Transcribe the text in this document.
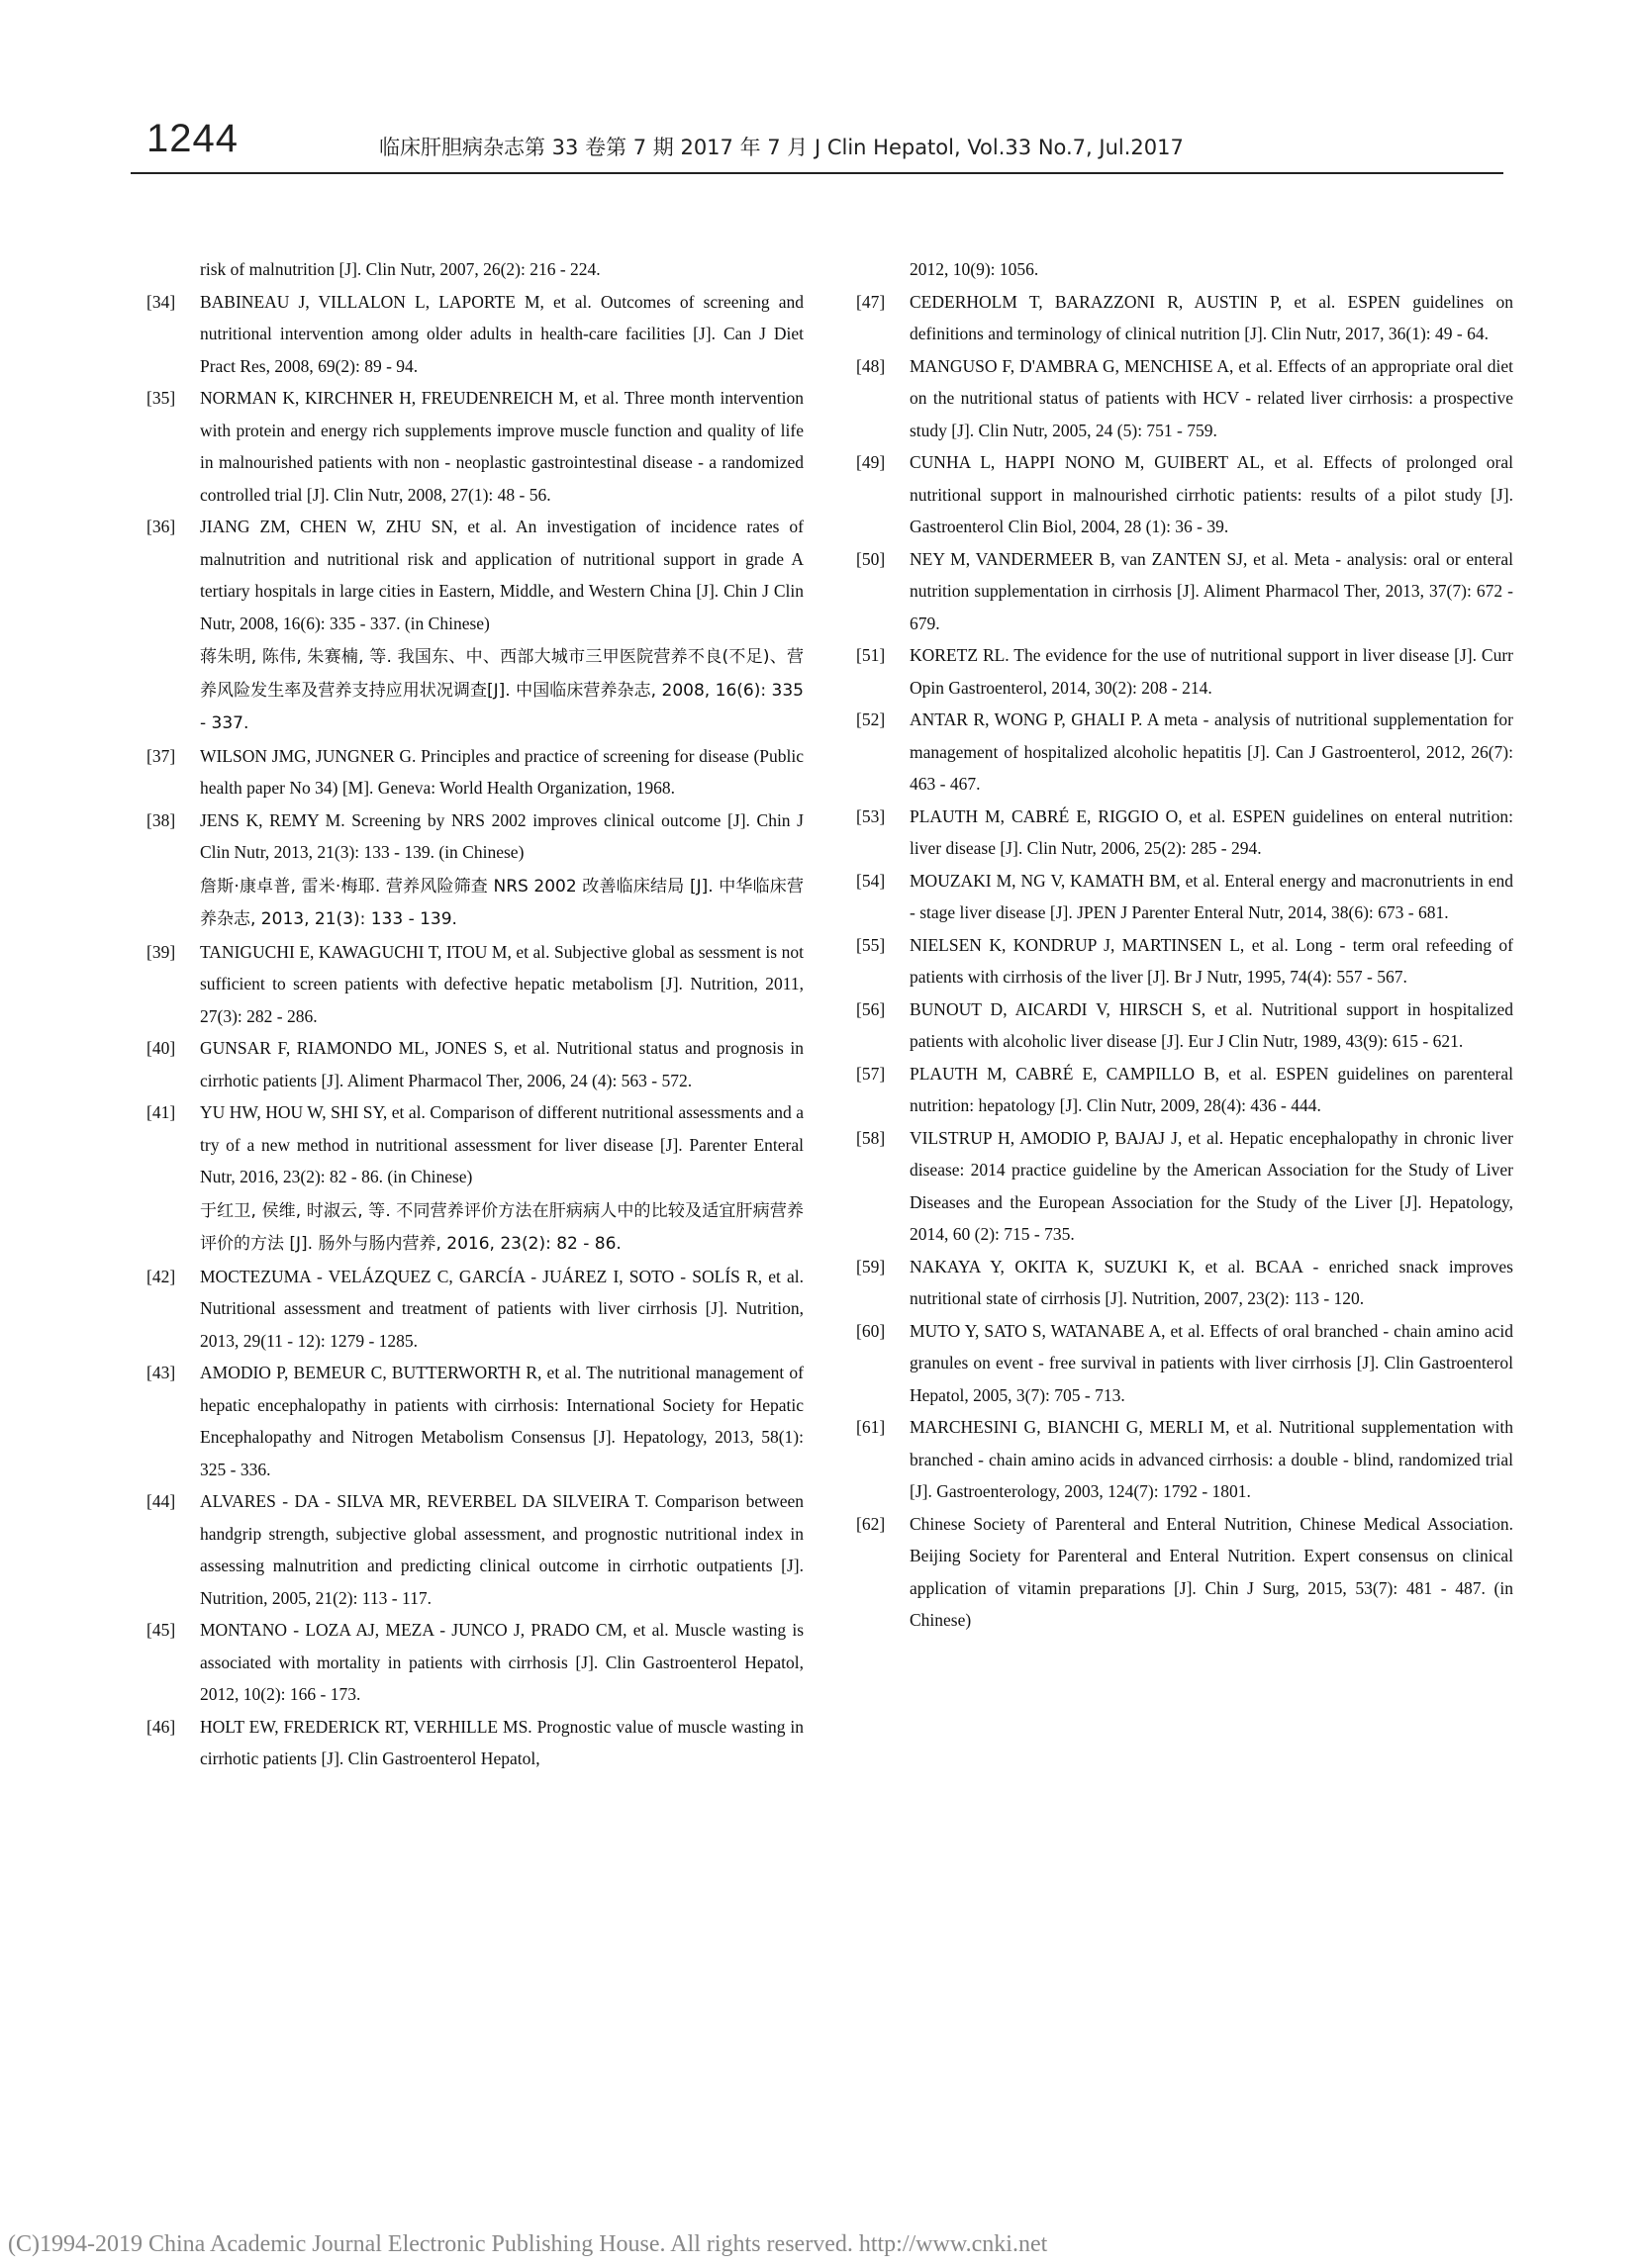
1244	临床肝胆病杂志第 33 卷第 7 期 2017 年 7 月 J Clin Hepatol, Vol.33 No.7, Jul.2017
risk of malnutrition [J]. Clin Nutr, 2007, 26(2): 216 - 224.
[34]	BABINEAU J, VILLALON L, LAPORTE M, et al. Outcomes of screening and nutritional intervention among older adults in health-care facilities [J]. Can J Diet Pract Res, 2008, 69(2): 89 - 94.
[35]	NORMAN K, KIRCHNER H, FREUDENREICH M, et al. Three month intervention with protein and energy rich supplements improve muscle function and quality of life in malnourished patients with non - neoplastic gastrointestinal disease - a randomized controlled trial [J]. Clin Nutr, 2008, 27(1): 48 - 56.
[36]	JIANG ZM, CHEN W, ZHU SN, et al. An investigation of incidence rates of malnutrition and nutritional risk and application of nutritional support in grade A tertiary hospitals in large cities in Eastern, Middle, and Western China [J]. Chin J Clin Nutr, 2008, 16(6): 335 - 337. (in Chinese)蒋朱明, 陈伟, 朱赛楠, 等. 我国东、中、西部大城市三甲医院营养不良(不足)、营养风险发生率及营养支持应用状况调查[J]. 中国临床营养杂志, 2008, 16(6): 335 - 337.
[37]	WILSON JMG, JUNGNER G. Principles and practice of screening for disease (Public health paper No 34) [M]. Geneva: World Health Organization, 1968.
[38]	JENS K, REMY M. Screening by NRS 2002 improves clinical outcome [J]. Chin J Clin Nutr, 2013, 21(3): 133 - 139. (in Chinese)詹斯·康卓普, 雷米·梅耶. 营养风险筛查 NRS 2002 改善临床结局 [J]. 中华临床营养杂志, 2013, 21(3): 133 - 139.
[39]	TANIGUCHI E, KAWAGUCHI T, ITOU M, et al. Subjective global as sessment is not sufficient to screen patients with defective hepatic metabolism [J]. Nutrition, 2011, 27(3): 282 - 286.
[40]	GUNSAR F, RIAMONDO ML, JONES S, et al. Nutritional status and prognosis in cirrhotic patients [J]. Aliment Pharmacol Ther, 2006, 24 (4): 563 - 572.
[41]	YU HW, HOU W, SHI SY, et al. Comparison of different nutritional assessments and a try of a new method in nutritional assessment for liver disease [J]. Parenter Enteral Nutr, 2016, 23(2): 82 - 86. (in Chinese)于红卫, 侯维, 时淑云, 等. 不同营养评价方法在肝病病人中的比较及适宜肝病营养评价的方法 [J]. 肠外与肠内营养, 2016, 23(2): 82 - 86.
[42]	MOCTEZUMA - VELÁZQUEZ C, GARCÍA - JUÁREZ I, SOTO - SOLÍS R, et al. Nutritional assessment and treatment of patients with liver cirrhosis [J]. Nutrition, 2013, 29(11 - 12): 1279 - 1285.
[43]	AMODIO P, BEMEUR C, BUTTERWORTH R, et al. The nutritional management of hepatic encephalopathy in patients with cirrhosis: International Society for Hepatic Encephalopathy and Nitrogen Metabolism Consensus [J]. Hepatology, 2013, 58(1): 325 - 336.
[44]	ALVARES - DA - SILVA MR, REVERBEL DA SILVEIRA T. Comparison between handgrip strength, subjective global assessment, and prognostic nutritional index in assessing malnutrition and predicting clinical outcome in cirrhotic outpatients [J]. Nutrition, 2005, 21(2): 113 - 117.
[45]	MONTANO - LOZA AJ, MEZA - JUNCO J, PRADO CM, et al. Muscle wasting is associated with mortality in patients with cirrhosis [J]. Clin Gastroenterol Hepatol, 2012, 10(2): 166 - 173.
[46]	HOLT EW, FREDERICK RT, VERHILLE MS. Prognostic value of muscle wasting in cirrhotic patients [J]. Clin Gastroenterol Hepatol,
2012, 10(9): 1056.
[47]	CEDERHOLM T, BARAZZONI R, AUSTIN P, et al. ESPEN guidelines on definitions and terminology of clinical nutrition [J]. Clin Nutr, 2017, 36(1): 49 - 64.
[48]	MANGUSO F, D'AMBRA G, MENCHISE A, et al. Effects of an appropriate oral diet on the nutritional status of patients with HCV - related liver cirrhosis: a prospective study [J]. Clin Nutr, 2005, 24 (5): 751 - 759.
[49]	CUNHA L, HAPPI NONO M, GUIBERT AL, et al. Effects of prolonged oral nutritional support in malnourished cirrhotic patients: results of a pilot study [J]. Gastroenterol Clin Biol, 2004, 28 (1): 36 - 39.
[50]	NEY M, VANDERMEER B, van ZANTEN SJ, et al. Meta - analysis: oral or enteral nutrition supplementation in cirrhosis [J]. Aliment Pharmacol Ther, 2013, 37(7): 672 - 679.
[51]	KORETZ RL. The evidence for the use of nutritional support in liver disease [J]. Curr Opin Gastroenterol, 2014, 30(2): 208 - 214.
[52]	ANTAR R, WONG P, GHALI P. A meta - analysis of nutritional supplementation for management of hospitalized alcoholic hepatitis [J]. Can J Gastroenterol, 2012, 26(7): 463 - 467.
[53]	PLAUTH M, CABRÉ E, RIGGIO O, et al. ESPEN guidelines on enteral nutrition: liver disease [J]. Clin Nutr, 2006, 25(2): 285 - 294.
[54]	MOUZAKI M, NG V, KAMATH BM, et al. Enteral energy and macronutrients in end - stage liver disease [J]. JPEN J Parenter Enteral Nutr, 2014, 38(6): 673 - 681.
[55]	NIELSEN K, KONDRUP J, MARTINSEN L, et al. Long - term oral refeeding of patients with cirrhosis of the liver [J]. Br J Nutr, 1995, 74(4): 557 - 567.
[56]	BUNOUT D, AICARDI V, HIRSCH S, et al. Nutritional support in hospitalized patients with alcoholic liver disease [J]. Eur J Clin Nutr, 1989, 43(9): 615 - 621.
[57]	PLAUTH M, CABRÉ E, CAMPILLO B, et al. ESPEN guidelines on parenteral nutrition: hepatology [J]. Clin Nutr, 2009, 28(4): 436 - 444.
[58]	VILSTRUP H, AMODIO P, BAJAJ J, et al. Hepatic encephalopathy in chronic liver disease: 2014 practice guideline by the American Association for the Study of Liver Diseases and the European Association for the Study of the Liver [J]. Hepatology, 2014, 60 (2): 715 - 735.
[59]	NAKAYA Y, OKITA K, SUZUKI K, et al. BCAA - enriched snack improves nutritional state of cirrhosis [J]. Nutrition, 2007, 23(2): 113 - 120.
[60]	MUTO Y, SATO S, WATANABE A, et al. Effects of oral branched - chain amino acid granules on event - free survival in patients with liver cirrhosis [J]. Clin Gastroenterol Hepatol, 2005, 3(7): 705 - 713.
[61]	MARCHESINI G, BIANCHI G, MERLI M, et al. Nutritional supplementation with branched - chain amino acids in advanced cirrhosis: a double - blind, randomized trial [J]. Gastroenterology, 2003, 124(7): 1792 - 1801.
[62]	Chinese Society of Parenteral and Enteral Nutrition, Chinese Medical Association. Beijing Society for Parenteral and Enteral Nutrition. Expert consensus on clinical application of vitamin preparations [J]. Chin J Surg, 2015, 53(7): 481 - 487. (in Chinese)
(C)1994-2019 China Academic Journal Electronic Publishing House. All rights reserved. http://www.cnki.net
